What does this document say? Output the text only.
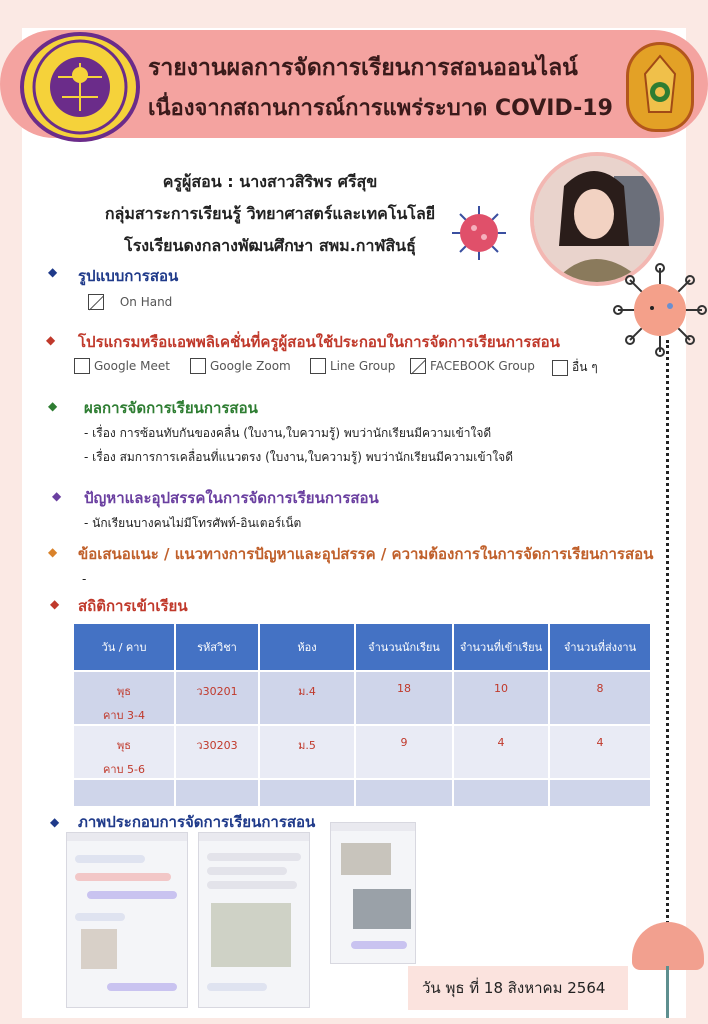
รายงานผลการจัดการเรียนการสอนออนไลน์
เนื่องจากสถานการณ์การแพร่ระบาด COVID-19
ครูผู้สอน : นางสาวสิริพร ศรีสุข
กลุ่มสาระการเรียนรู้ วิทยาศาสตร์และเทคโนโลยี
โรงเรียนดงกลางพัฒนศึกษา สพม.กาฬสินธุ์
◆ รูปแบบการสอน
On Hand
◆ โปรแกรมหรือแอพพลิเคชั่นที่ครูผู้สอนใช้ประกอบในการจัดการเรียนการสอน
Google Meet	Google Zoom	Line Group	FACEBOOK Group	อื่น ๆ
◆ ผลการจัดการเรียนการสอน
- เรื่อง การซ้อนทับกันของคลื่น (ใบงาน,ใบความรู้) พบว่านักเรียนมีความเข้าใจดี
- เรื่อง สมการการเคลื่อนที่แนวตรง (ใบงาน,ใบความรู้) พบว่านักเรียนมีความเข้าใจดี
◆ ปัญหาและอุปสรรคในการจัดการเรียนการสอน
- นักเรียนบางคนไม่มีโทรศัพท์-อินเตอร์เน็ต
◆ ข้อเสนอแนะ / แนวทางการปัญหาและอุปสรรค / ความต้องการในการจัดการเรียนการสอน
-
◆ สถิติการเข้าเรียน
วัน / คาบ	รหัสวิชา	ห้อง	จำนวนนักเรียน	จำนวนที่เข้าเรียน	จำนวนที่ส่งงาน
พุธ
คาบ 3-4	ว30201	ม.4	18	10	8
พุธ
คาบ 5-6	ว30203	ม.5	9	4	4

◆ ภาพประกอบการจัดการเรียนการสอน
วัน พุธ ที่ 18 สิงหาคม 2564
